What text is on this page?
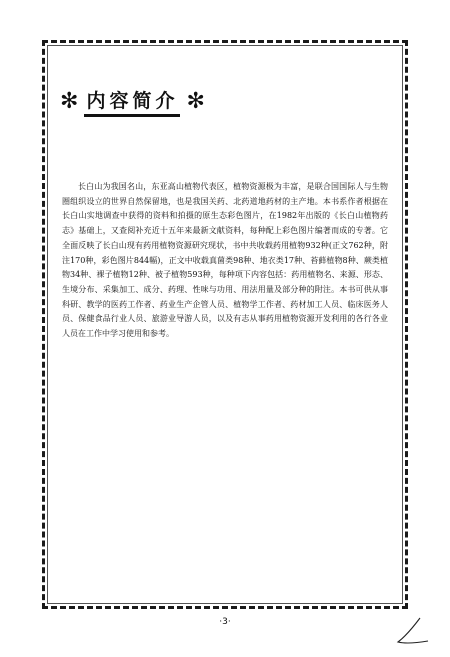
✻ 内容简介 ✻

长白山为我国名山，东亚高山植物代表区，植物资源极为丰富，是联合国国际人与生物圈组织设立的世界自然保留地，也是我国关药、北药道地药材的主产地。本书系作者根据在长白山实地调查中获得的资料和拍摄的原生态彩色图片，在1982年出版的《长白山植物药志》基础上，又查阅补充近十五年来最新文献资料，每种配上彩色图片编著而成的专著。它全面反映了长白山现有药用植物资源研究现状，书中共收载药用植物932种(正文762种，附注170种，彩色图片844幅)，正文中收载真菌类98种、地衣类17种、苔藓植物8种、蕨类植物34种、裸子植物12种、被子植物593种，每种项下内容包括：药用植物名、来源、形态、生境分布、采集加工、成分、药理、性味与功用、用法用量及部分种的附注。本书可供从事科研、教学的医药工作者、药业生产企管人员、植物学工作者、药材加工人员、临床医务人员、保健食品行业人员、旅游业导游人员，以及有志从事药用植物资源开发利用的各行各业人员在工作中学习使用和参考。

·3·
